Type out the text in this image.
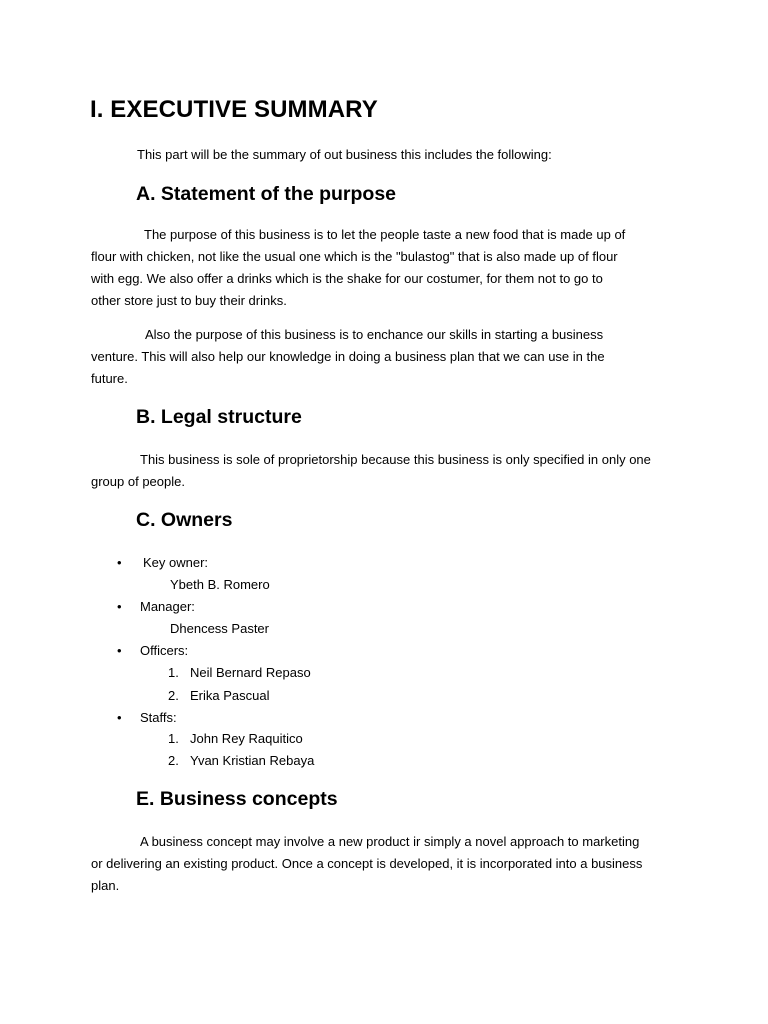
I. EXECUTIVE SUMMARY

This part will be the summary of out business this includes the following:

A. Statement of the purpose

The purpose of this business is to let the people taste a new food that is made up of

flour with chicken, not like the usual one which is the "bulastog" that is also made up of flour

with egg. We also offer a drinks which is the shake for our costumer, for them not to go to

other store just to buy their drinks.

Also the purpose of this business is to enchance our skills in starting a business

venture. This will also help our knowledge in doing a business plan that we can use in the

future.

B. Legal structure

This business is sole of proprietorship because this business is only specified in only one

group of people.

C. Owners
• Key owner:
Ybeth B. Romero
• Manager:
Dhencess Paster
• Officers:
1. Neil Bernard Repaso
2. Erika Pascual
• Staffs:
1. John Rey Raquitico
2. Yvan Kristian Rebaya
E. Business concepts

A business concept may involve a new product ir simply a novel approach to marketing

or delivering an existing product. Once a concept is developed, it is incorporated into a business

plan.
